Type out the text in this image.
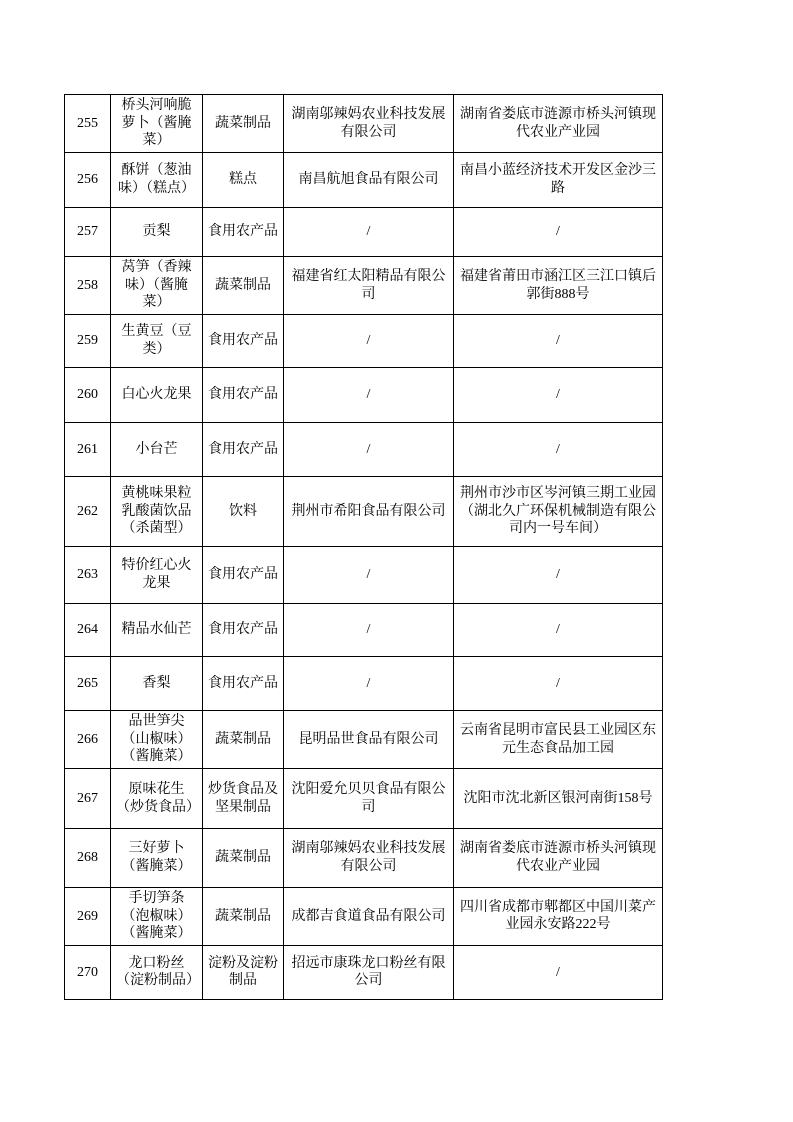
255	桥头河响脆萝卜（酱腌菜）	蔬菜制品	湖南邬辣妈农业科技发展有限公司	湖南省娄底市涟源市桥头河镇现代农业产业园
256	酥饼（葱油味）（糕点）	糕点	南昌航旭食品有限公司	南昌小蓝经济技术开发区金沙三路
257	贡梨	食用农产品	/	/
258	莴笋（香辣味）（酱腌菜）	蔬菜制品	福建省红太阳精品有限公司	福建省莆田市涵江区三江口镇后郭街888号
259	生黄豆（豆类）	食用农产品	/	/
260	白心火龙果	食用农产品	/	/
261	小台芒	食用农产品	/	/
262	黄桃味果粒乳酸菌饮品（杀菌型）	饮料	荆州市希阳食品有限公司	荆州市沙市区岑河镇三期工业园（湖北久广环保机械制造有限公司内一号车间）
263	特价红心火龙果	食用农产品	/	/
264	精品水仙芒	食用农产品	/	/
265	香梨	食用农产品	/	/
266	品世笋尖（山椒味）（酱腌菜）	蔬菜制品	昆明品世食品有限公司	云南省昆明市富民县工业园区东元生态食品加工园
267	原味花生（炒货食品）	炒货食品及坚果制品	沈阳爱允贝贝食品有限公司	沈阳市沈北新区银河南街158号
268	三好萝卜（酱腌菜）	蔬菜制品	湖南邬辣妈农业科技发展有限公司	湖南省娄底市涟源市桥头河镇现代农业产业园
269	手切笋条（泡椒味）（酱腌菜）	蔬菜制品	成都吉食道食品有限公司	四川省成都市郫都区中国川菜产业园永安路222号
270	龙口粉丝（淀粉制品）	淀粉及淀粉制品	招远市康珠龙口粉丝有限公司	/
